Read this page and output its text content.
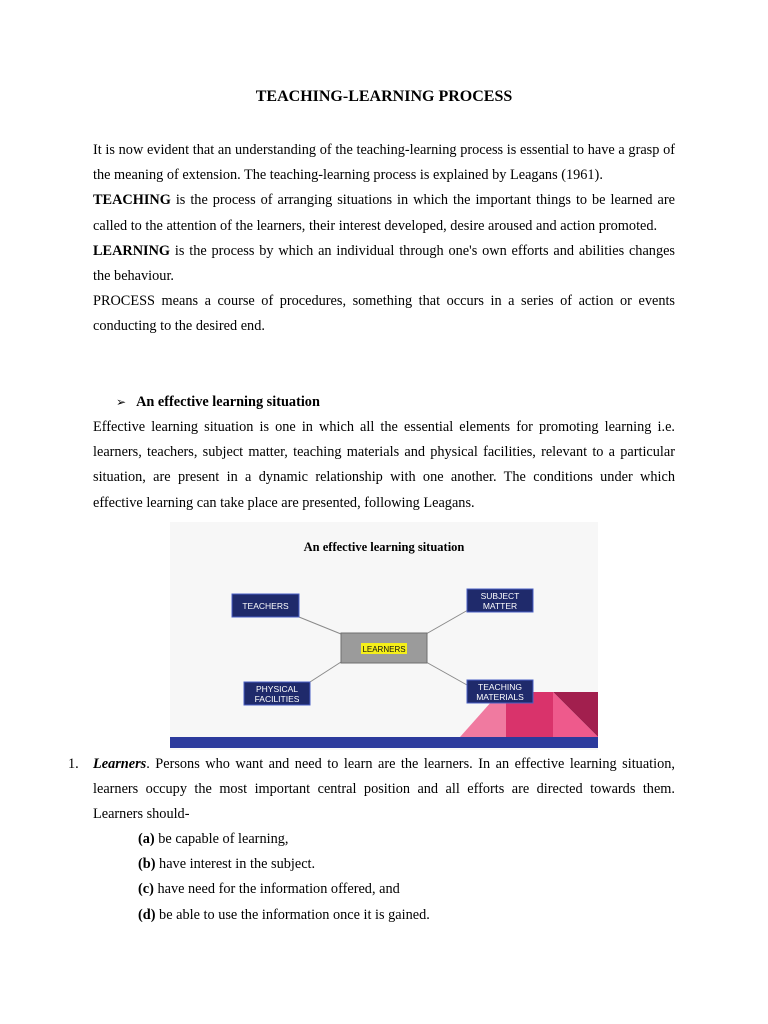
TEACHING-LEARNING PROCESS

It is now evident that an understanding of the teaching-learning process is essential to have a grasp of the meaning of extension. The teaching-learning process is explained by Leagans (1961).

TEACHING is the process of arranging situations in which the important things to be learned are called to the attention of the learners, their interest developed, desire aroused and action promoted.

LEARNING is the process by which an individual through one's own efforts and abilities changes the behaviour.

PROCESS means a course of procedures, something that occurs in a series of action or events conducting to the desired end.

➢ An effective learning situation

Effective learning situation is one in which all the essential elements for promoting learning i.e. learners, teachers, subject matter, teaching materials and physical facilities, relevant to a particular situation, are present in a dynamic relationship with one another. The conditions under which effective learning can take place are presented, following Leagans.

An effective learning situation
LEARNERS
TEACHERS
SUBJECT
MATTER
PHYSICAL
FACILITIES
TEACHING
MATERIALS
1. Learners. Persons who want and need to learn are the learners. In an effective learning situation, learners occupy the most important central position and all efforts are directed towards them. Learners should-
(a) be capable of learning,
(b) have interest in the subject.
(c) have need for the information offered, and
(d) be able to use the information once it is gained.
